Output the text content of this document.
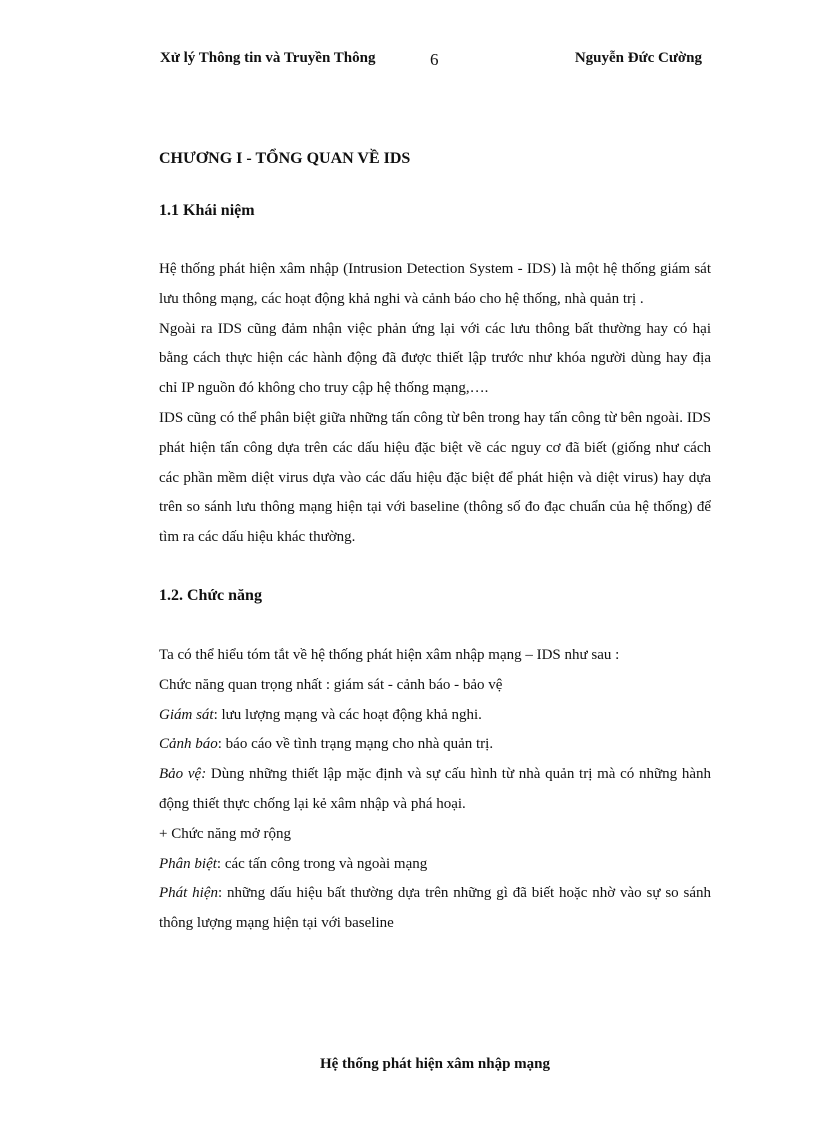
Xử lý Thông tin và Truyền Thông	6	Nguyễn Đức Cường
CHƯƠNG I - TỔNG QUAN VỀ IDS
1.1 Khái niệm

Hệ thống phát hiện xâm nhập (Intrusion Detection System - IDS) là một hệ thống giám sát lưu thông mạng, các hoạt động khả nghi và cảnh báo cho hệ thống, nhà quản trị .

Ngoài ra IDS cũng đảm nhận việc phản ứng lại với các lưu thông bất thường hay có hại bằng cách thực hiện các hành động đã được thiết lập trước như khóa người dùng hay địa chỉ IP nguồn đó không cho truy cập hệ thống mạng,….

IDS cũng có thể phân biệt giữa những tấn công từ bên trong hay tấn công từ bên ngoài. IDS phát hiện tấn công dựa trên các dấu hiệu đặc biệt về các nguy cơ đã biết (giống như cách các phần mềm diệt virus dựa vào các dấu hiệu đặc biệt để phát hiện và diệt virus) hay dựa trên so sánh lưu thông mạng hiện tại với baseline (thông số đo đạc chuẩn của hệ thống) để tìm ra các dấu hiệu khác thường.

1.2. Chức năng

Ta có thể hiểu tóm tắt về hệ thống phát hiện xâm nhập mạng – IDS như sau :

Chức năng quan trọng nhất : giám sát - cảnh báo - bảo vệ

Giám sát: lưu lượng mạng và các hoạt động khả nghi.

Cảnh báo: báo cáo về tình trạng mạng cho nhà quản trị.

Bảo vệ: Dùng những thiết lập mặc định và sự cấu hình từ nhà quản trị mà có những hành động thiết thực chống lại kẻ xâm nhập và phá hoại.

+ Chức năng mở rộng

Phân biệt: các tấn công trong và ngoài mạng

Phát hiện: những dấu hiệu bất thường dựa trên những gì đã biết hoặc nhờ vào sự so sánh thông lượng mạng hiện tại với baseline

Hệ thống phát hiện xâm nhập mạng
